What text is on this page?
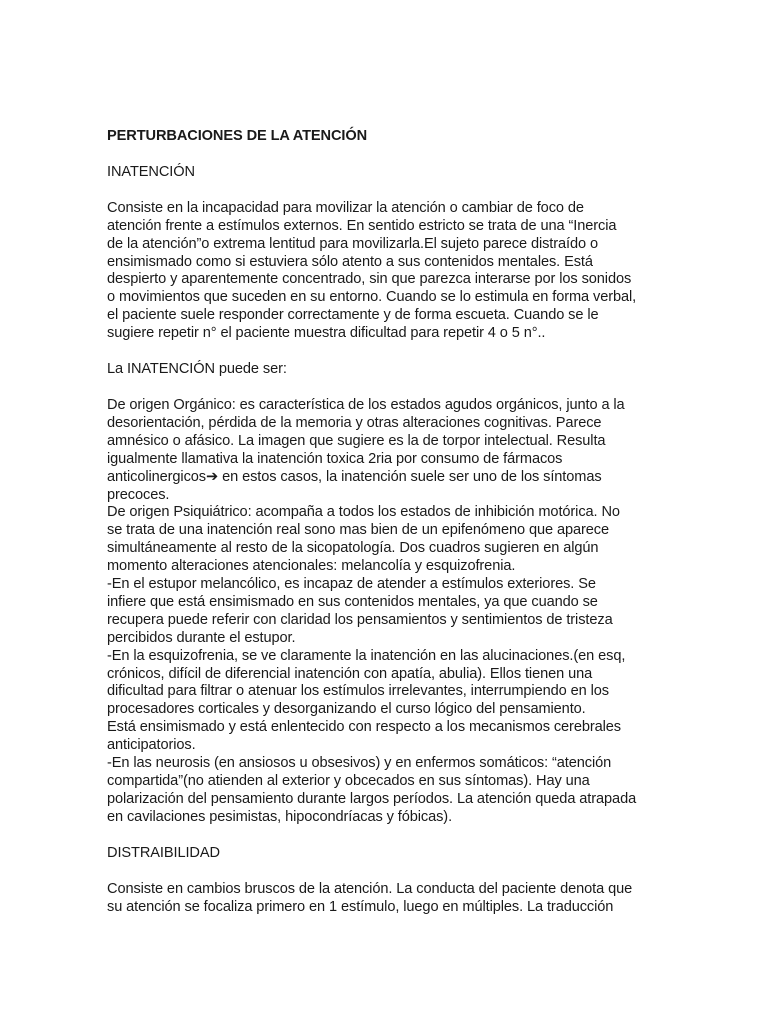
PERTURBACIONES DE LA ATENCIÓN
INATENCIÓN
Consiste en la incapacidad para movilizar la atención o cambiar de foco de
atención frente a estímulos externos. En sentido estricto se trata de una “Inercia
de la atención”o extrema lentitud para movilizarla.El sujeto parece distraído o
ensimismado como si estuviera sólo atento a sus contenidos mentales. Está
despierto y aparentemente concentrado, sin que parezca interarse por los sonidos
o movimientos que suceden en su entorno. Cuando se lo estimula en forma verbal,
el paciente suele responder correctamente y de forma escueta. Cuando se le
sugiere repetir n° el paciente muestra dificultad para repetir 4 o 5 n°..
La INATENCIÓN puede ser:
De origen Orgánico: es característica de los estados agudos orgánicos, junto a la
desorientación, pérdida de la memoria y otras alteraciones cognitivas. Parece
amnésico o afásico. La imagen que sugiere es la de torpor intelectual. Resulta
igualmente llamativa la inatención toxica 2ria por consumo de fármacos
anticolinergicos➔ en estos casos, la inatención suele ser uno de los síntomas
precoces.
De origen Psiquiátrico: acompaña a todos los estados de inhibición motórica. No
se trata de una inatención real sono mas bien de un epifenómeno que aparece
simultáneamente al resto de la sicopatología. Dos cuadros sugieren en algún
momento alteraciones atencionales: melancolía y esquizofrenia.
-En el estupor melancólico, es incapaz de atender a estímulos exteriores. Se
infiere que está ensimismado en sus contenidos mentales, ya que cuando se
recupera puede referir con claridad los pensamientos y sentimientos de tristeza
percibidos durante el estupor.
-En la esquizofrenia, se ve claramente la inatención en las alucinaciones.(en esq,
crónicos, difícil de diferencial inatención con apatía, abulia). Ellos tienen una
dificultad para filtrar o atenuar los estímulos irrelevantes, interrumpiendo en los
procesadores corticales y desorganizando el curso lógico del pensamiento.
Está ensimismado y está enlentecido con respecto a los mecanismos cerebrales
anticipatorios.
-En las neurosis (en ansiosos u obsesivos) y en enfermos somáticos: “atención
compartida”(no atienden al exterior y obcecados en sus síntomas). Hay una
polarización del pensamiento durante largos períodos. La atención queda atrapada
en cavilaciones pesimistas, hipocondríacas y fóbicas).
DISTRAIBILIDAD
Consiste en cambios bruscos de la atención. La conducta del paciente denota que
su atención se focaliza primero en 1 estímulo, luego en múltiples. La traducción
